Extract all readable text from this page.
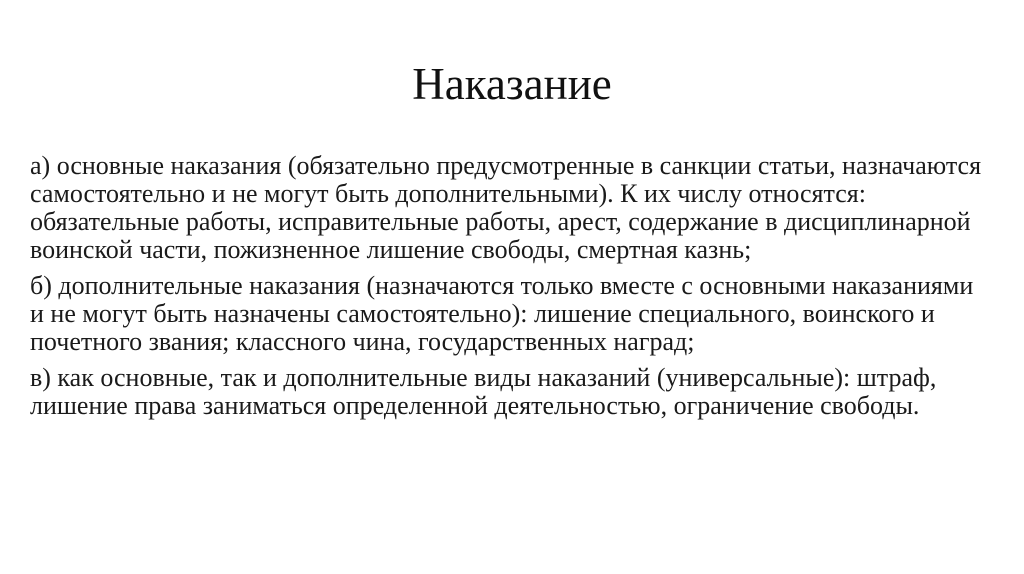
Наказание

а) основные наказания (обязательно предусмотренные в санкции статьи, назначаются самостоятельно и не могут быть дополнительными). К их числу относятся: обязательные работы, исправительные работы, арест, содержание в дисциплинарной воинской части, пожизненное лишение свободы, смертная казнь;

б) дополнительные наказания (назначаются только вместе с основными наказаниями и не могут быть назначены самостоятельно): лишение специального, воинского и почетного звания; классного чина, государственных наград;

в) как основные, так и дополнительные виды наказаний (универсальные): штраф, лишение права заниматься определенной деятельностью, ограничение свободы.
